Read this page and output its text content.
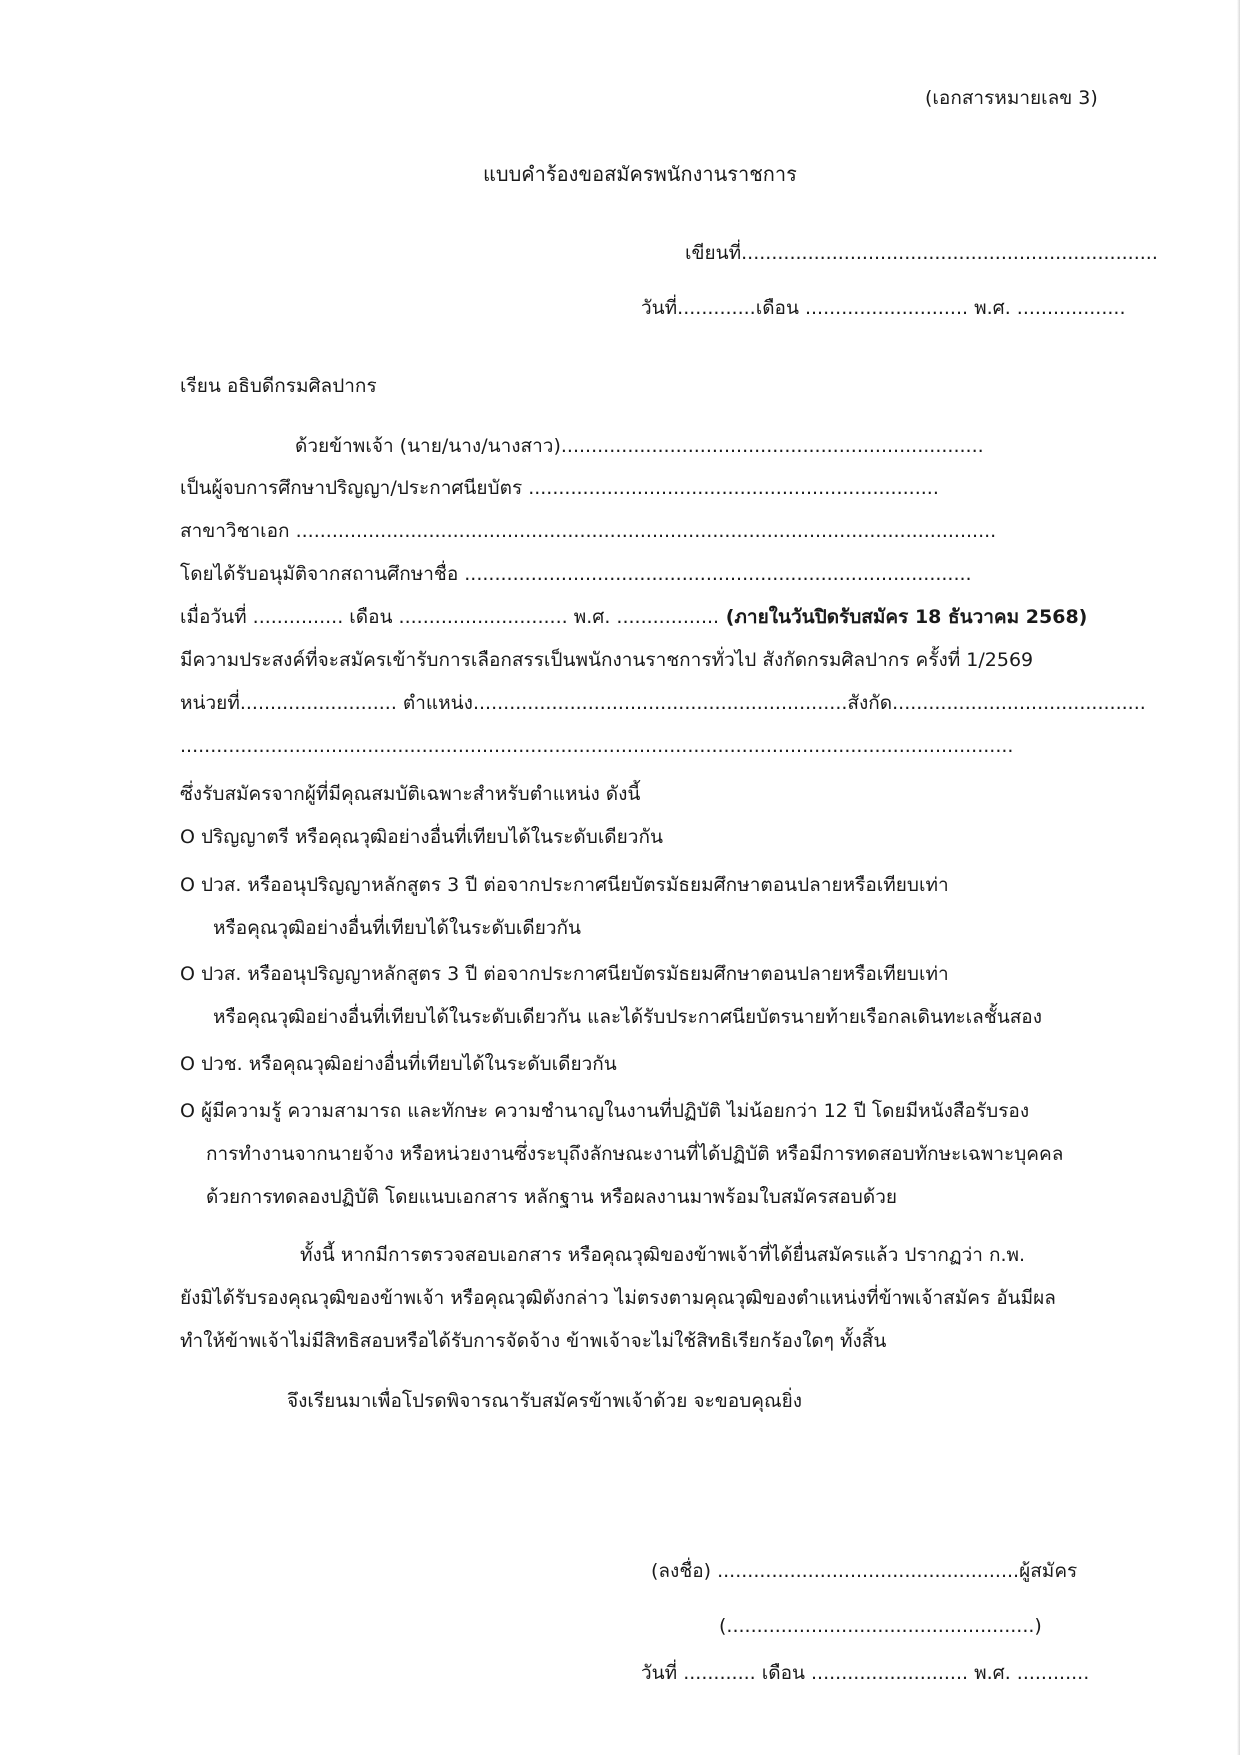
(เอกสารหมายเลข 3)
แบบคำร้องขอสมัครพนักงานราชการ
เขียนที่.....................................................................
วันที่.............เดือน ........................... พ.ศ. ..................
เรียน อธิบดีกรมศิลปากร
ด้วยข้าพเจ้า (นาย/นาง/นางสาว)......................................................................
เป็นผู้จบการศึกษาปริญญา/ประกาศนียบัตร ....................................................................
สาขาวิชาเอก ....................................................................................................................
โดยได้รับอนุมัติจากสถานศึกษาชื่อ ....................................................................................
เมื่อวันที่ ............... เดือน ............................ พ.ศ. ................. (ภายในวันปิดรับสมัคร 18 ธันวาคม 2568)
มีความประสงค์ที่จะสมัครเข้ารับการเลือกสรรเป็นพนักงานราชการทั่วไป สังกัดกรมศิลปากร ครั้งที่ 1/2569
หน่วยที่.......................... ตำแหน่ง..............................................................สังกัด..........................................
..........................................................................................................................................
ซึ่งรับสมัครจากผู้ที่มีคุณสมบัติเฉพาะสำหรับตำแหน่ง ดังนี้
O ปริญญาตรี หรือคุณวุฒิอย่างอื่นที่เทียบได้ในระดับเดียวกัน
O ปวส. หรืออนุปริญญาหลักสูตร 3 ปี ต่อจากประกาศนียบัตรมัธยมศึกษาตอนปลายหรือเทียบเท่า
หรือคุณวุฒิอย่างอื่นที่เทียบได้ในระดับเดียวกัน
O ปวส. หรืออนุปริญญาหลักสูตร 3 ปี ต่อจากประกาศนียบัตรมัธยมศึกษาตอนปลายหรือเทียบเท่า
หรือคุณวุฒิอย่างอื่นที่เทียบได้ในระดับเดียวกัน และได้รับประกาศนียบัตรนายท้ายเรือกลเดินทะเลชั้นสอง
O ปวช. หรือคุณวุฒิอย่างอื่นที่เทียบได้ในระดับเดียวกัน
O ผู้มีความรู้ ความสามารถ และทักษะ ความชำนาญในงานที่ปฏิบัติ ไม่น้อยกว่า 12 ปี โดยมีหนังสือรับรอง
การทำงานจากนายจ้าง หรือหน่วยงานซึ่งระบุถึงลักษณะงานที่ได้ปฏิบัติ หรือมีการทดสอบทักษะเฉพาะบุคคล
ด้วยการทดลองปฏิบัติ โดยแนบเอกสาร หลักฐาน หรือผลงานมาพร้อมใบสมัครสอบด้วย
ทั้งนี้ หากมีการตรวจสอบเอกสาร หรือคุณวุฒิของข้าพเจ้าที่ได้ยื่นสมัครแล้ว ปรากฏว่า ก.พ.
ยังมิได้รับรองคุณวุฒิของข้าพเจ้า หรือคุณวุฒิดังกล่าว ไม่ตรงตามคุณวุฒิของตำแหน่งที่ข้าพเจ้าสมัคร อันมีผล
ทำให้ข้าพเจ้าไม่มีสิทธิสอบหรือได้รับการจัดจ้าง ข้าพเจ้าจะไม่ใช้สิทธิเรียกร้องใดๆ ทั้งสิ้น
จึงเรียนมาเพื่อโปรดพิจารณารับสมัครข้าพเจ้าด้วย จะขอบคุณยิ่ง
(ลงชื่อ) ..................................................ผู้สมัคร
(...................................................)
วันที่ ............ เดือน .......................... พ.ศ. ............
